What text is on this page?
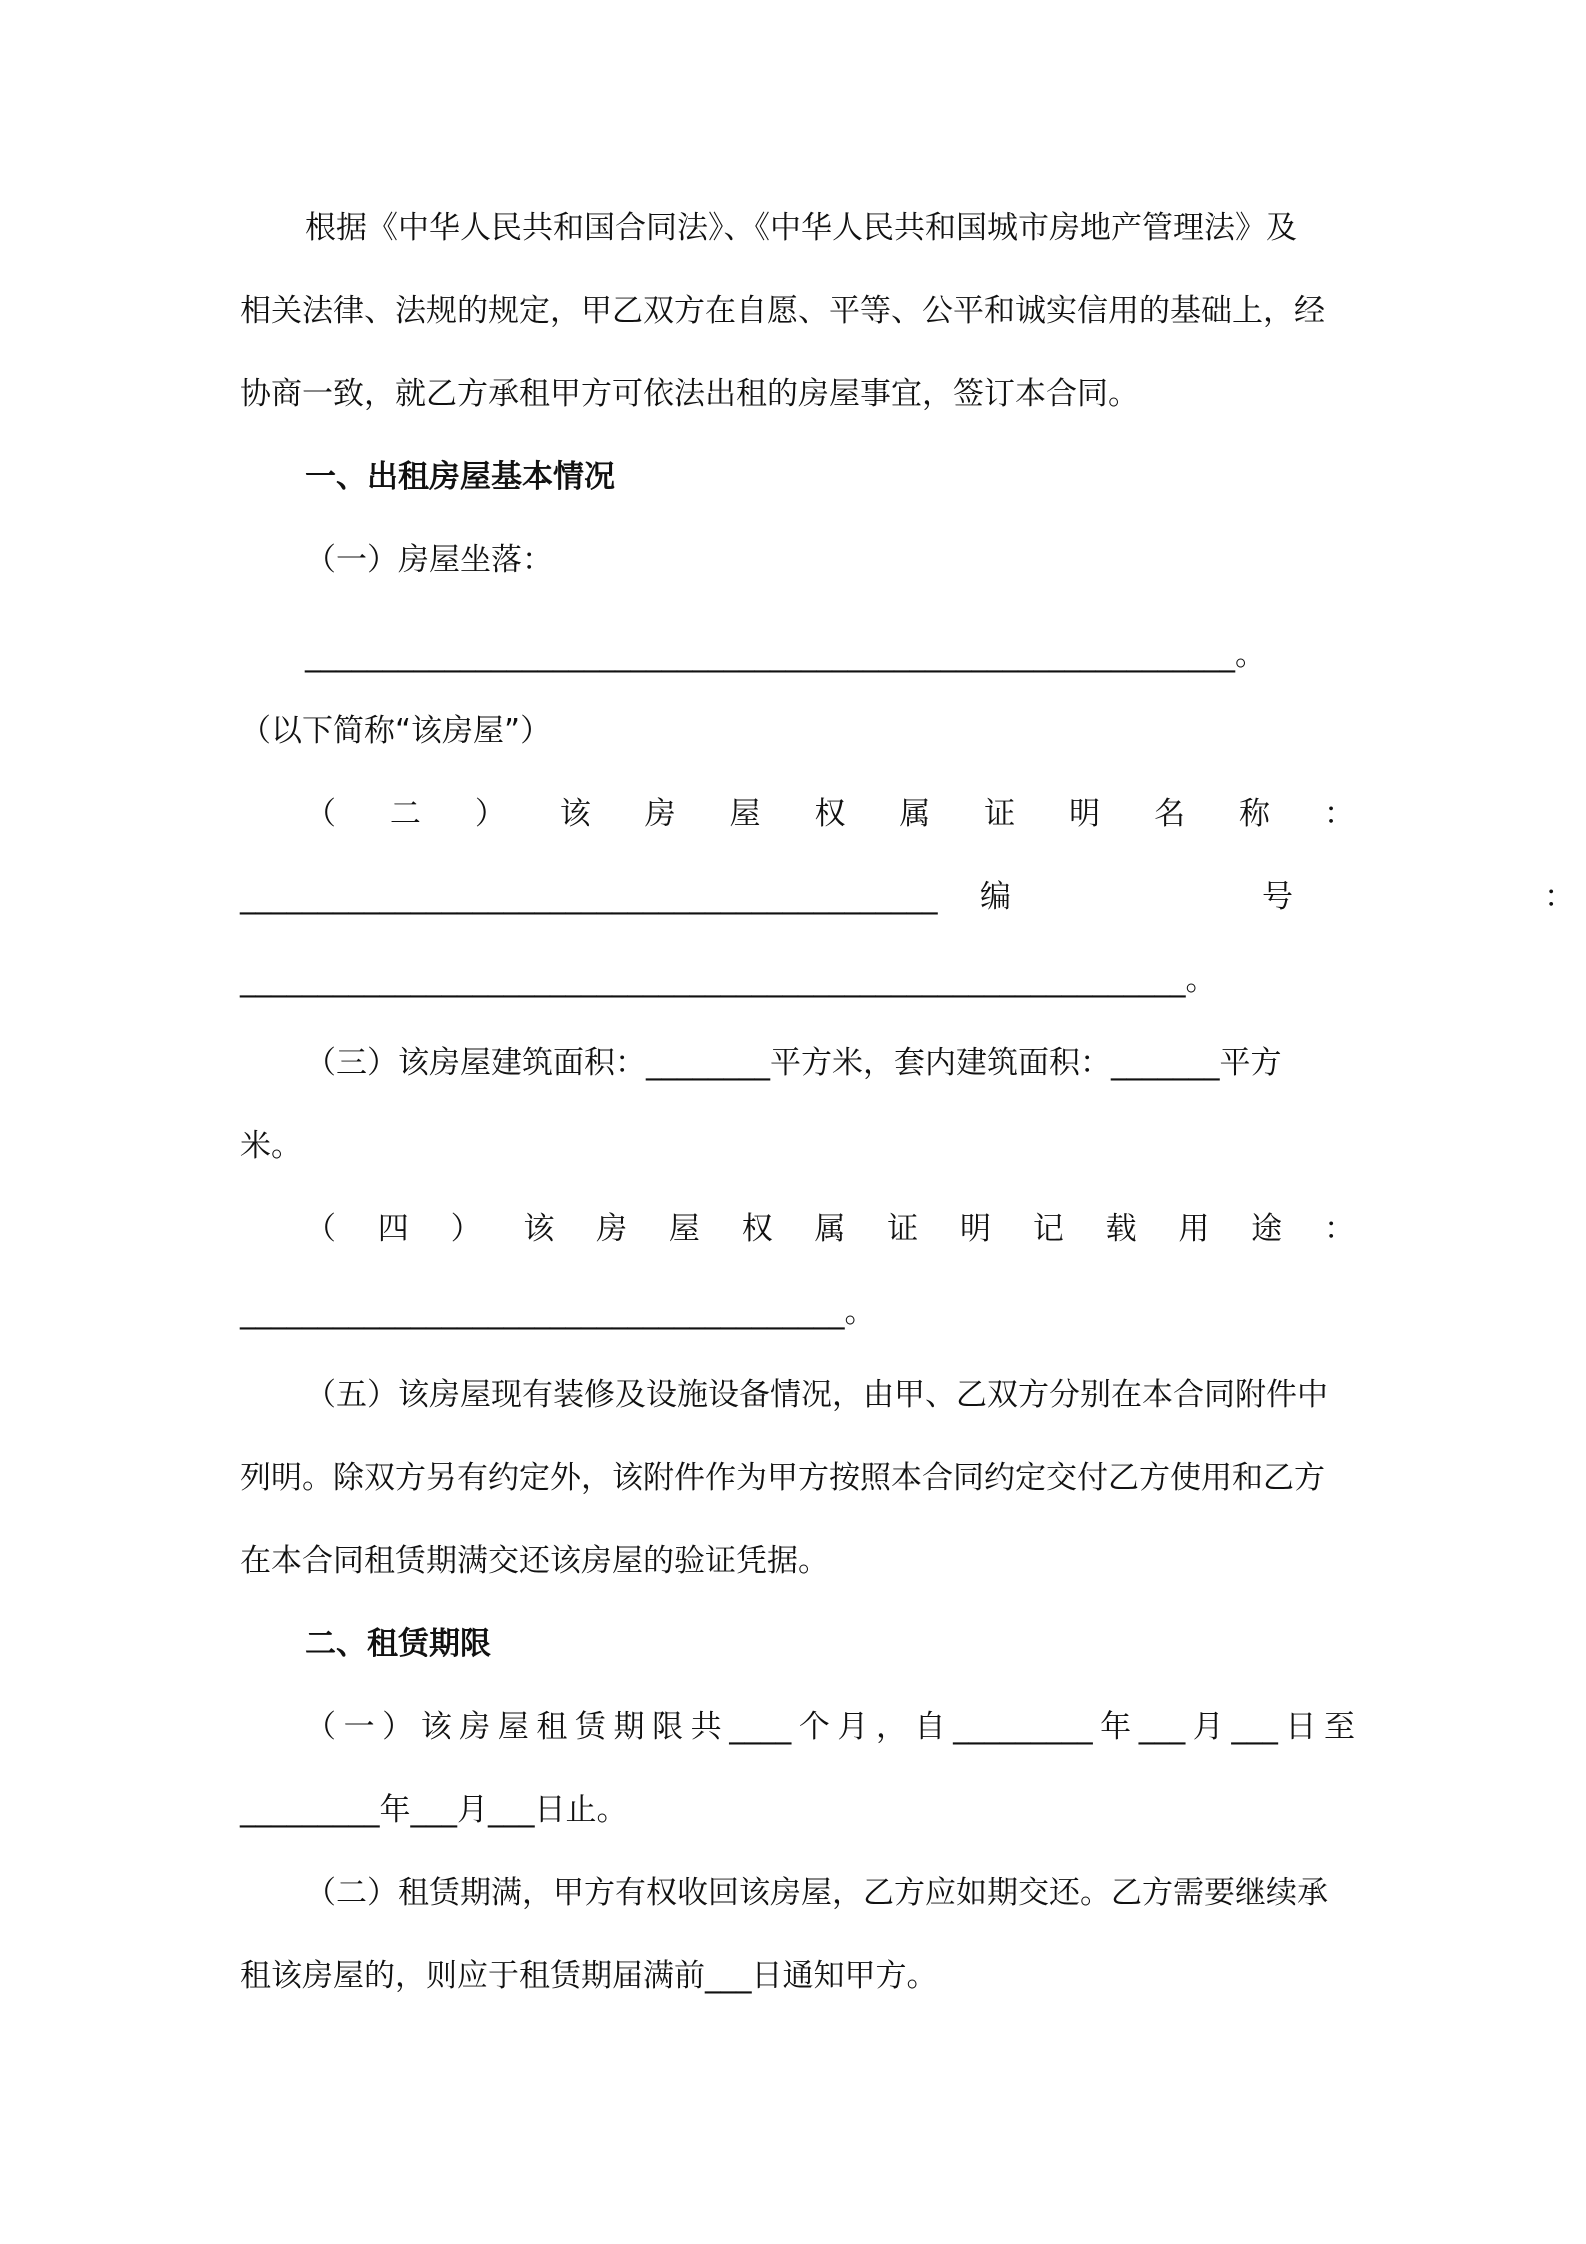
根据《中华人民共和国合同法》、《中华人民共和国城市房地产管理法》及
相关法律、法规的规定，甲乙双方在自愿、平等、公平和诚实信用的基础上，经
协商一致，就乙方承租甲方可依法出租的房屋事宜，签订本合同。
一、出租房屋基本情况
（一）房屋坐落：
____________________________________________________________。
（以下简称“该房屋”）
（ 二 ） 该 房 屋 权 属 证 明 名 称 ：
_____________________________________________ 编	号	：
_____________________________________________________________。
（三）该房屋建筑面积：________平方米，套内建筑面积：_______平方
米。
（ 四 ） 该 房 屋 权 属 证 明 记 载 用 途 ：
_______________________________________。
（五）该房屋现有装修及设施设备情况，由甲、乙双方分别在本合同附件中
列明。除双方另有约定外，该附件作为甲方按照本合同约定交付乙方使用和乙方
在本合同租赁期满交还该房屋的验证凭据。
二、租赁期限
（一）该房屋租赁期限共____个月，自_________年___月___日至
_________年___月___日止。
（二）租赁期满，甲方有权收回该房屋，乙方应如期交还。乙方需要继续承
租该房屋的，则应于租赁期届满前___日通知甲方。
